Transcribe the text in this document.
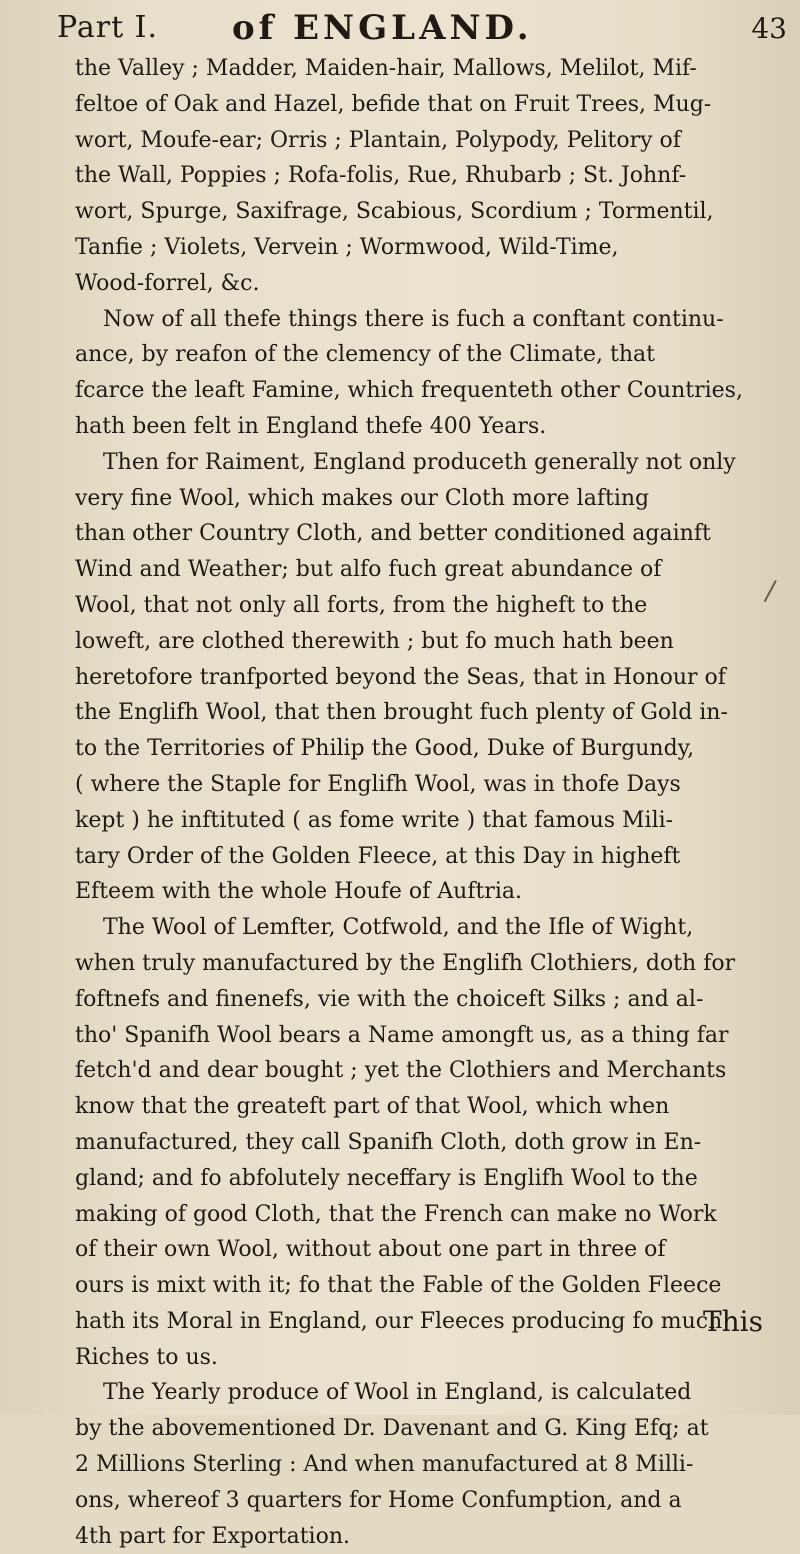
Part I. of ENGLAND.	43
the Valley ; Madder, Maiden-hair, Mallows, Melilot, Mif-
feltoe of Oak and Hazel, befide that on Fruit Trees, Mug-
wort, Moufe-ear; Orris ; Plantain, Polypody, Pelitory of
the Wall, Poppies ; Rofa-folis, Rue, Rhubarb ; St. Johnf-
wort, Spurge, Saxifrage, Scabious, Scordium ; Tormentil,
Tanfie ; Violets, Vervein ; Wormwood, Wild-Time,
Wood-forrel, &c.
Now of all thefe things there is fuch a conftant continu-
ance, by reafon of the clemency of the Climate, that
fcarce the leaft Famine, which frequenteth other Countries,
hath been felt in England thefe 400 Years.
Then for Raiment, England produceth generally not only
very fine Wool, which makes our Cloth more lafting
than other Country Cloth, and better conditioned againft
Wind and Weather; but alfo fuch great abundance of
Wool, that not only all forts, from the higheft to the
loweft, are clothed therewith ; but fo much hath been
heretofore tranfported beyond the Seas, that in Honour of
the Englifh Wool, that then brought fuch plenty of Gold in-
to the Territories of Philip the Good, Duke of Burgundy,
( where the Staple for Englifh Wool, was in thofe Days
kept ) he inftituted ( as fome write ) that famous Mili-
tary Order of the Golden Fleece, at this Day in higheft
Efteem with the whole Houfe of Auftria.
The Wool of Lemfter, Cotfwold, and the Ifle of Wight,
when truly manufactured by the Englifh Clothiers, doth for
foftnefs and finenefs, vie with the choiceft Silks ; and al-
tho' Spanifh Wool bears a Name amongft us, as a thing far
fetch'd and dear bought ; yet the Clothiers and Merchants
know that the greateft part of that Wool, which when
manufactured, they call Spanifh Cloth, doth grow in En-
gland; and fo abfolutely neceffary is Englifh Wool to the
making of good Cloth, that the French can make no Work
of their own Wool, without about one part in three of
ours is mixt with it; fo that the Fable of the Golden Fleece
hath its Moral in England, our Fleeces producing fo much
Riches to us.
The Yearly produce of Wool in England, is calculated
by the abovementioned Dr. Davenant and G. King Efq; at
2 Millions Sterling : And when manufactured at 8 Milli-
ons, whereof 3 quarters for Home Confumption, and a
4th part for Exportation.
This
